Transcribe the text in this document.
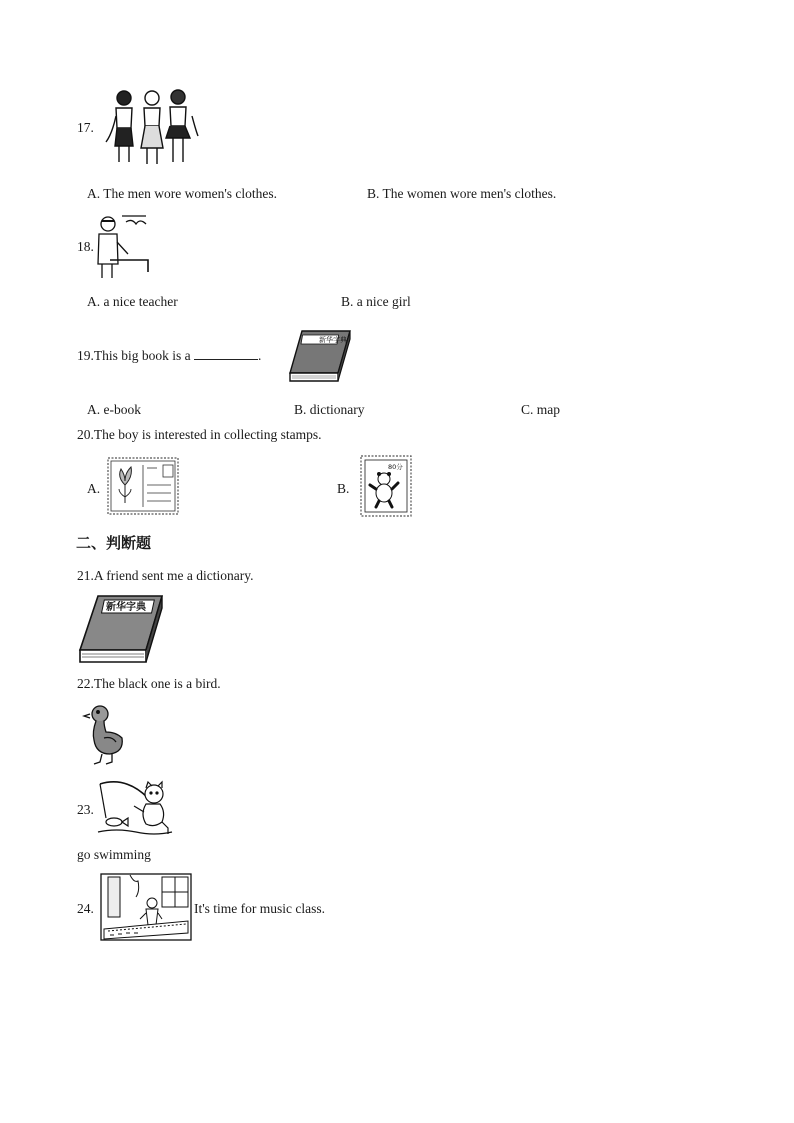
17.
A. The men wore women's clothes.	B. The women wore men's clothes.
18.
A. a nice teacher	B. a nice girl
19.This big book is a	.
新华字典
A. e-book	B. dictionary	C. map
20.The boy is interested in collecting stamps.
A.	B.
80分
二、判断题
21.A friend sent me a dictionary.
新华字典
22.The black one is a bird.
23.
go swimming
24.	It's time for music class.
